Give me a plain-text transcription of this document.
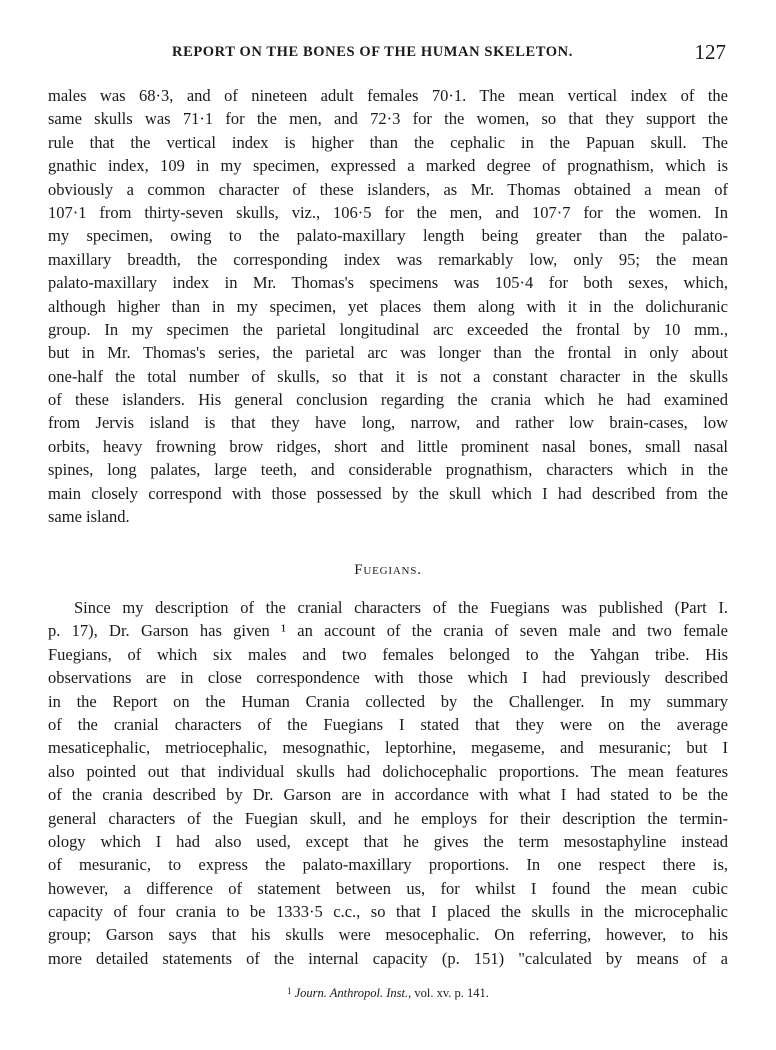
REPORT ON THE BONES OF THE HUMAN SKELETON.	127
males was 68·3, and of nineteen adult females 70·1. The mean vertical index of the
same skulls was 71·1 for the men, and 72·3 for the women, so that they support the
rule that the vertical index is higher than the cephalic in the Papuan skull. The
gnathic index, 109 in my specimen, expressed a marked degree of prognathism, which is
obviously a common character of these islanders, as Mr. Thomas obtained a mean of
107·1 from thirty-seven skulls, viz., 106·5 for the men, and 107·7 for the women. In
my specimen, owing to the palato-maxillary length being greater than the palato-
maxillary breadth, the corresponding index was remarkably low, only 95; the mean
palato-maxillary index in Mr. Thomas's specimens was 105·4 for both sexes, which,
although higher than in my specimen, yet places them along with it in the dolichuranic
group. In my specimen the parietal longitudinal arc exceeded the frontal by 10 mm.,
but in Mr. Thomas's series, the parietal arc was longer than the frontal in only about
one-half the total number of skulls, so that it is not a constant character in the skulls
of these islanders. His general conclusion regarding the crania which he had examined
from Jervis island is that they have long, narrow, and rather low brain-cases, low
orbits, heavy frowning brow ridges, short and little prominent nasal bones, small nasal
spines, long palates, large teeth, and considerable prognathism, characters which in the
main closely correspond with those possessed by the skull which I had described from the
same island.
Fuegians.
Since my description of the cranial characters of the Fuegians was published (Part I.
p. 17), Dr. Garson has given ¹ an account of the crania of seven male and two female
Fuegians, of which six males and two females belonged to the Yahgan tribe. His
observations are in close correspondence with those which I had previously described
in the Report on the Human Crania collected by the Challenger. In my summary
of the cranial characters of the Fuegians I stated that they were on the average
mesaticephalic, metriocephalic, mesognathic, leptorhine, megaseme, and mesuranic; but I
also pointed out that individual skulls had dolichocephalic proportions. The mean features
of the crania described by Dr. Garson are in accordance with what I had stated to be the
general characters of the Fuegian skull, and he employs for their description the termin-
ology which I had also used, except that he gives the term mesostaphyline instead
of mesuranic, to express the palato-maxillary proportions. In one respect there is,
however, a difference of statement between us, for whilst I found the mean cubic
capacity of four crania to be 1333·5 c.c., so that I placed the skulls in the microcephalic
group; Garson says that his skulls were mesocephalic. On referring, however, to his
more detailed statements of the internal capacity (p. 151) "calculated by means of a
$^1$ Journ. Anthropol. Inst., vol. xv. p. 141.
